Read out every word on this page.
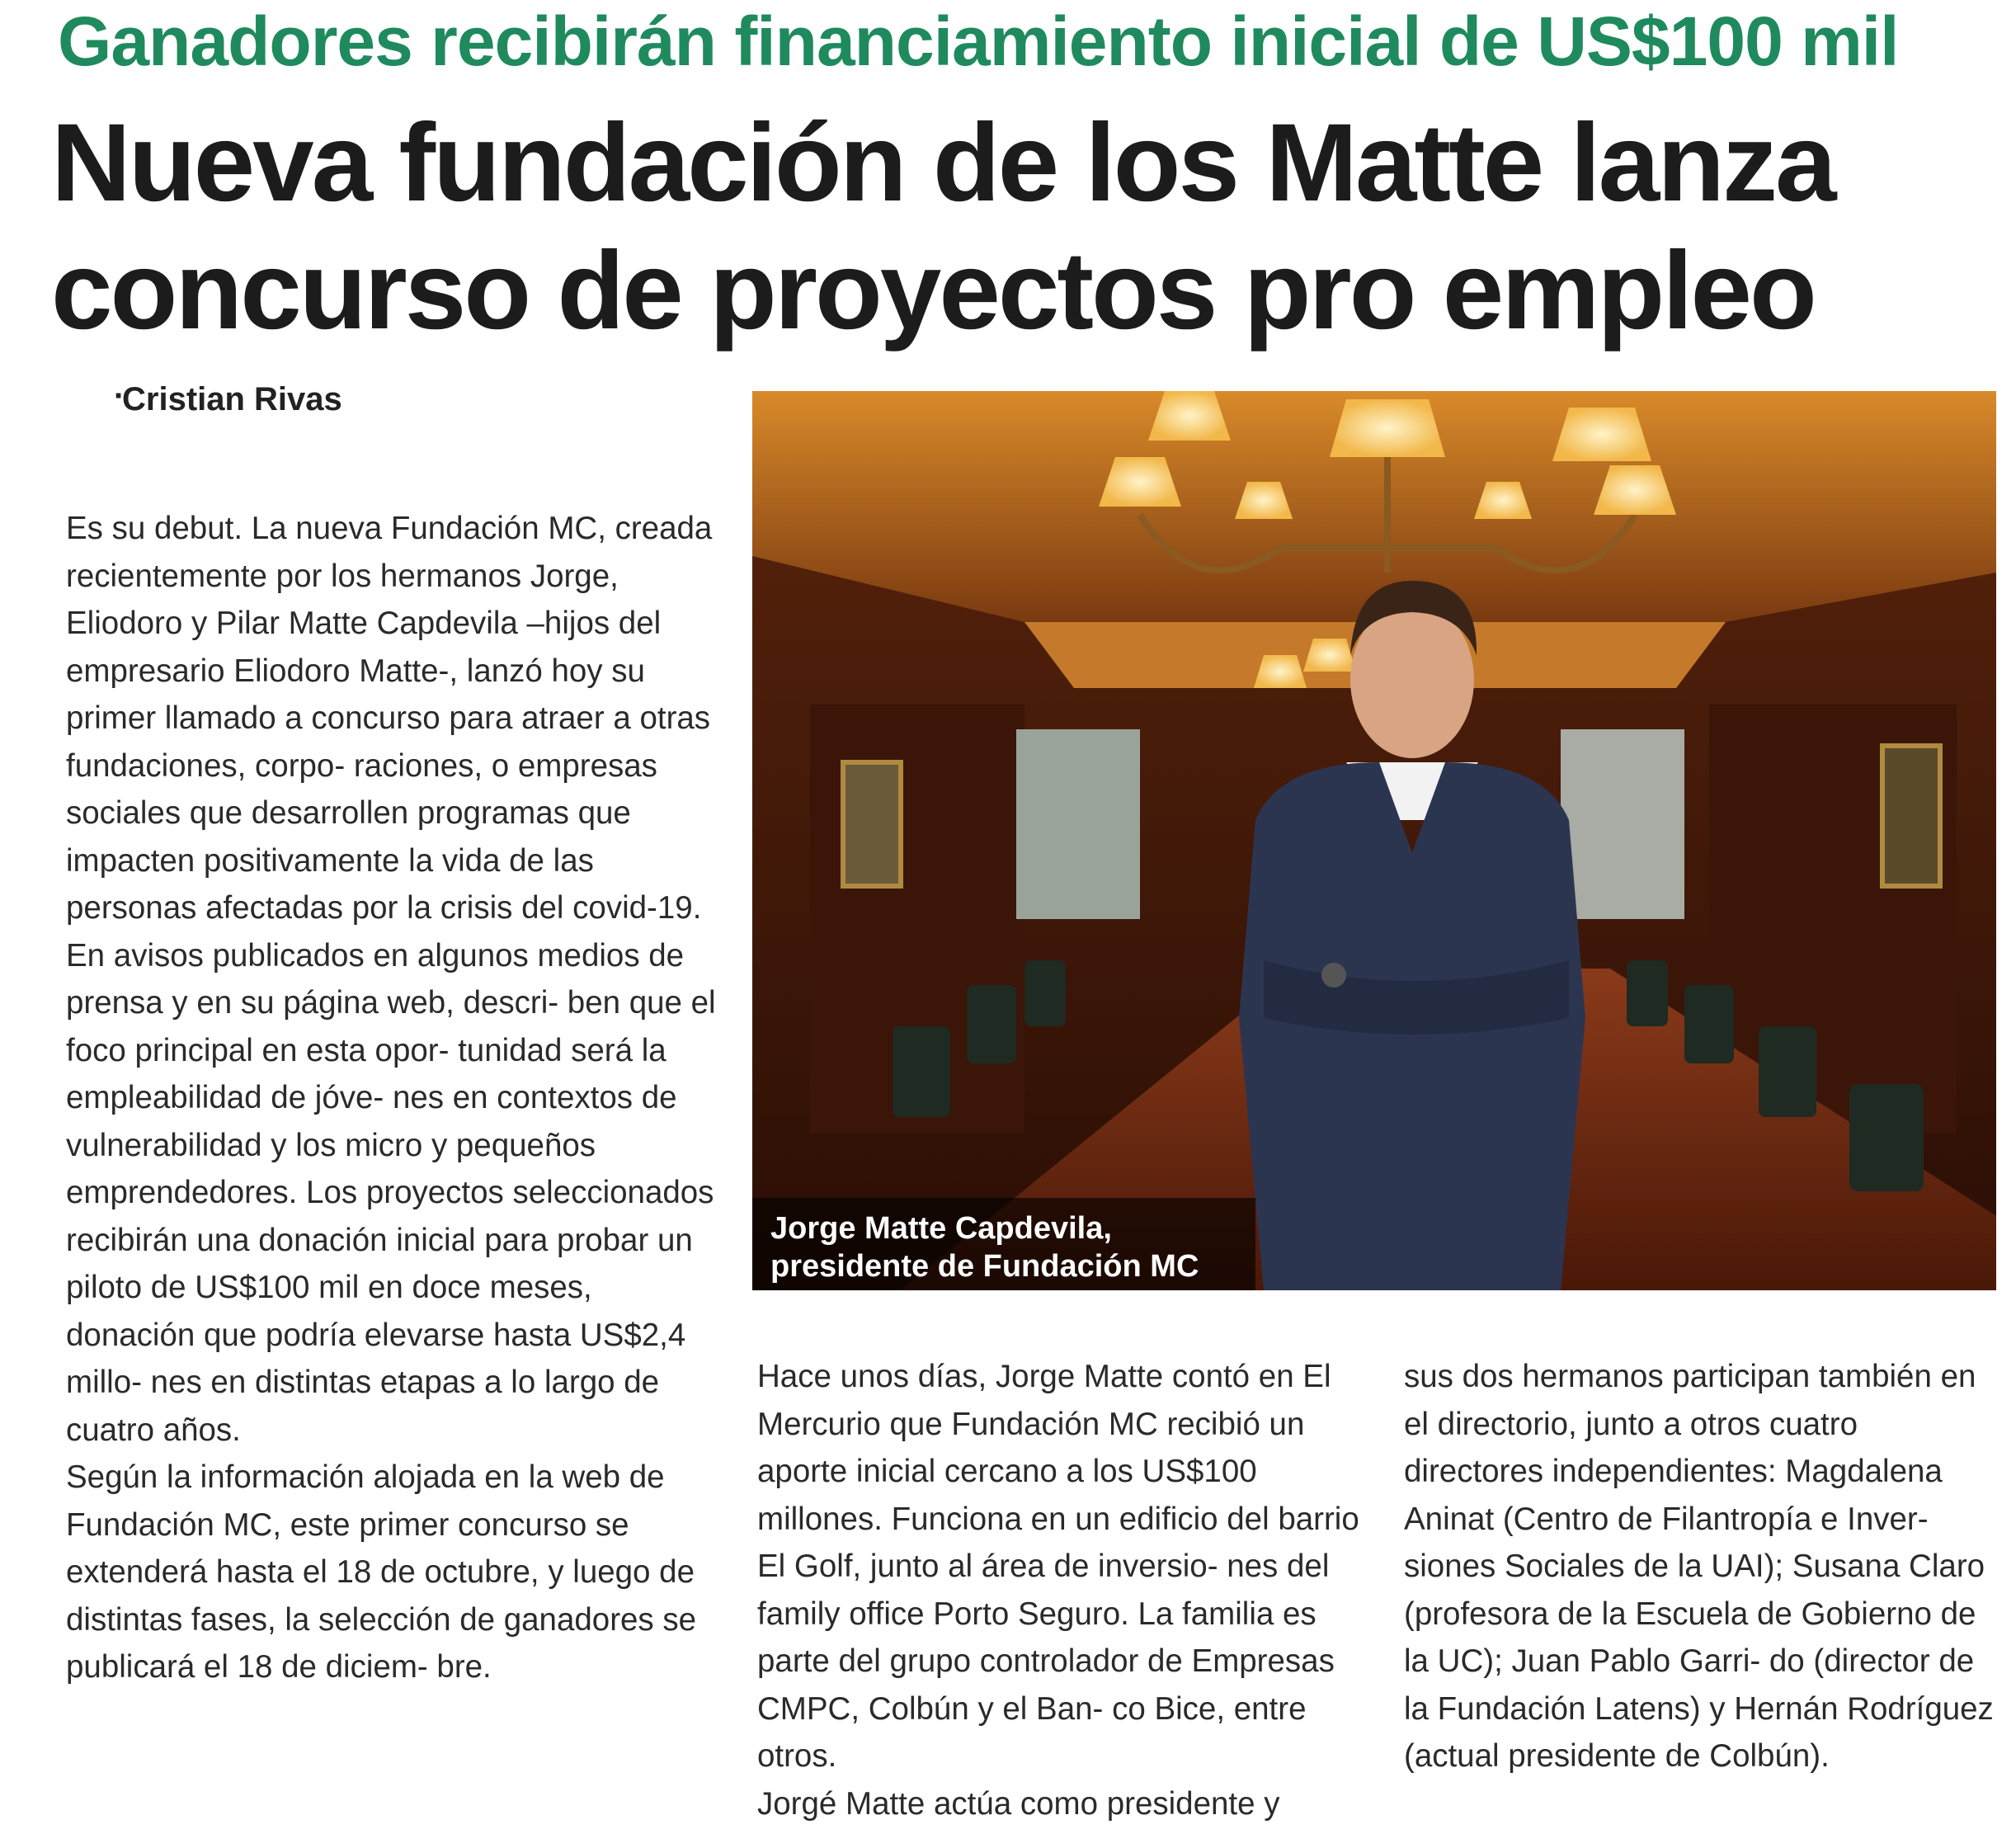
Ganadores recibirán financiamiento inicial de US$100 mil
Nueva fundación de los Matte lanza
concurso de proyectos pro empleo
·
Cristian Rivas

Es su debut. La nueva Fundación MC, creada recientemente por los hermanos Jorge, Eliodoro y Pilar Matte Capdevila –hijos del empresario Eliodoro Matte-, lanzó hoy su primer llamado a concurso para atraer a otras fundaciones, corpo- raciones, o empresas sociales que desarrollen programas que impacten positivamente la vida de las personas afectadas por la crisis del covid-19.

En avisos publicados en algunos medios de prensa y en su página web, descri- ben que el foco principal en esta opor- tunidad será la empleabilidad de jóve- nes en contextos de vulnerabilidad y los micro y pequeños emprendedores. Los proyectos seleccionados recibirán una donación inicial para probar un piloto de US$100 mil en doce meses, donación que podría elevarse hasta US$2,4 millo- nes en distintas etapas a lo largo de cuatro años.

Según la información alojada en la web de Fundación MC, este primer concurso se extenderá hasta el 18 de octubre, y luego de distintas fases, la selección de ganadores se publicará el 18 de diciem- bre.

Jorge Matte Capdevila,
presidente de Fundación MC

Hace unos días, Jorge Matte contó en El Mercurio que Fundación MC recibió un aporte inicial cercano a los US$100 millones. Funciona en un edificio del barrio El Golf, junto al área de inversio- nes del family office Porto Seguro. La familia es parte del grupo controlador de Empresas CMPC, Colbún y el Ban- co Bice, entre otros.

Jorgé Matte actúa como presidente y

sus dos hermanos participan también en el directorio, junto a otros cuatro directores independientes: Magdalena Aninat (Centro de Filantropía e Inver- siones Sociales de la UAI); Susana Claro (profesora de la Escuela de Gobierno de la UC); Juan Pablo Garri- do (director de la Fundación Latens) y Hernán Rodríguez (actual presidente de Colbún).
